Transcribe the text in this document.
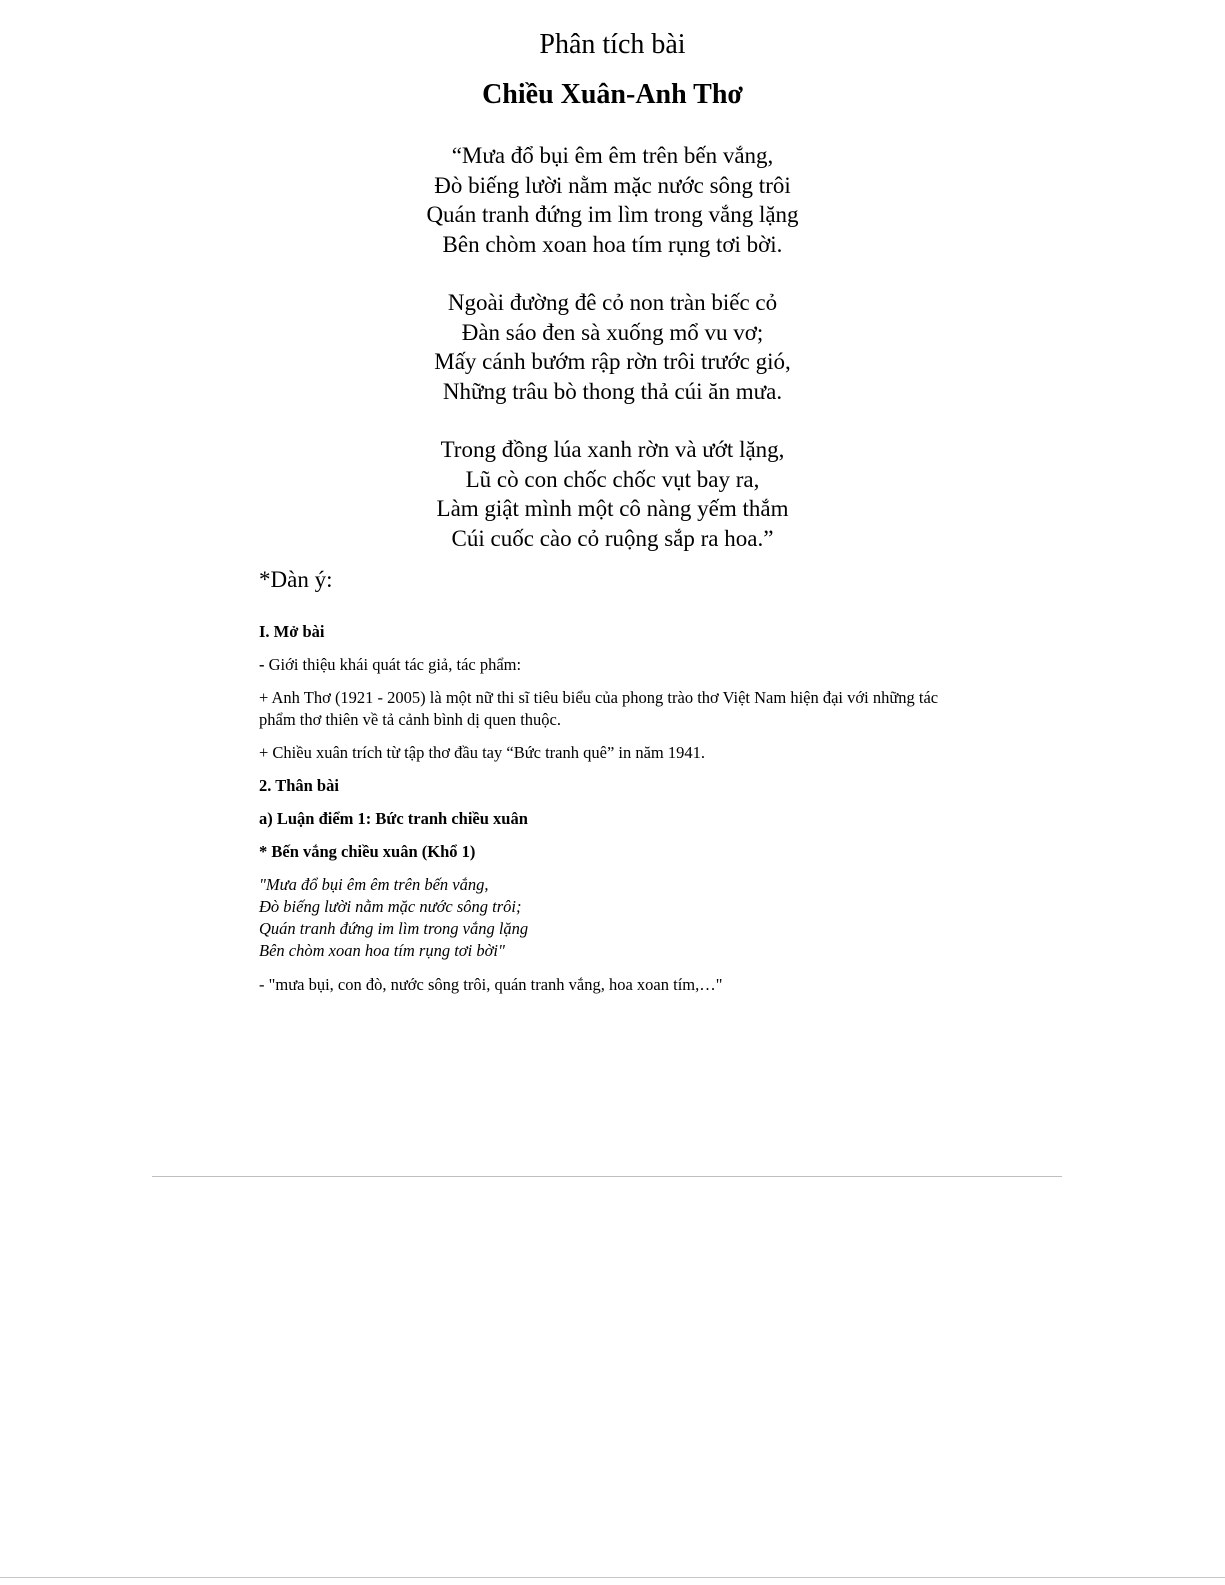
Phân tích bài
Chiều Xuân-Anh Thơ
“Mưa đổ bụi êm êm trên bến vắng,
Đò biếng lười nằm mặc nước sông trôi
Quán tranh đứng im lìm trong vắng lặng
Bên chòm xoan hoa tím rụng tơi bời.
Ngoài đường đê cỏ non tràn biếc cỏ
Đàn sáo đen sà xuống mổ vu vơ;
Mấy cánh bướm rập rờn trôi trước gió,
Những trâu bò thong thả cúi ăn mưa.
Trong đồng lúa xanh rờn và ướt lặng,
Lũ cò con chốc chốc vụt bay ra,
Làm giật mình một cô nàng yếm thắm
Cúi cuốc cào cỏ ruộng sắp ra hoa.”
*Dàn ý:

I. Mở bài

- Giới thiệu khái quát tác giả, tác phẩm:

+ Anh Thơ (1921 - 2005) là một nữ thi sĩ tiêu biểu của phong trào thơ Việt Nam hiện đại với những tác phẩm thơ thiên về tả cảnh bình dị quen thuộc.

+ Chiều xuân trích từ tập thơ đầu tay “Bức tranh quê” in năm 1941.

2. Thân bài

a) Luận điểm 1: Bức tranh chiều xuân

* Bến vắng chiều xuân (Khổ 1)

"Mưa đổ bụi êm êm trên bến vắng,
Đò biếng lười nằm mặc nước sông trôi;
Quán tranh đứng im lìm trong vắng lặng
Bên chòm xoan hoa tím rụng tơi bời"

- "mưa bụi, con đò, nước sông trôi, quán tranh vắng, hoa xoan tím,…"
